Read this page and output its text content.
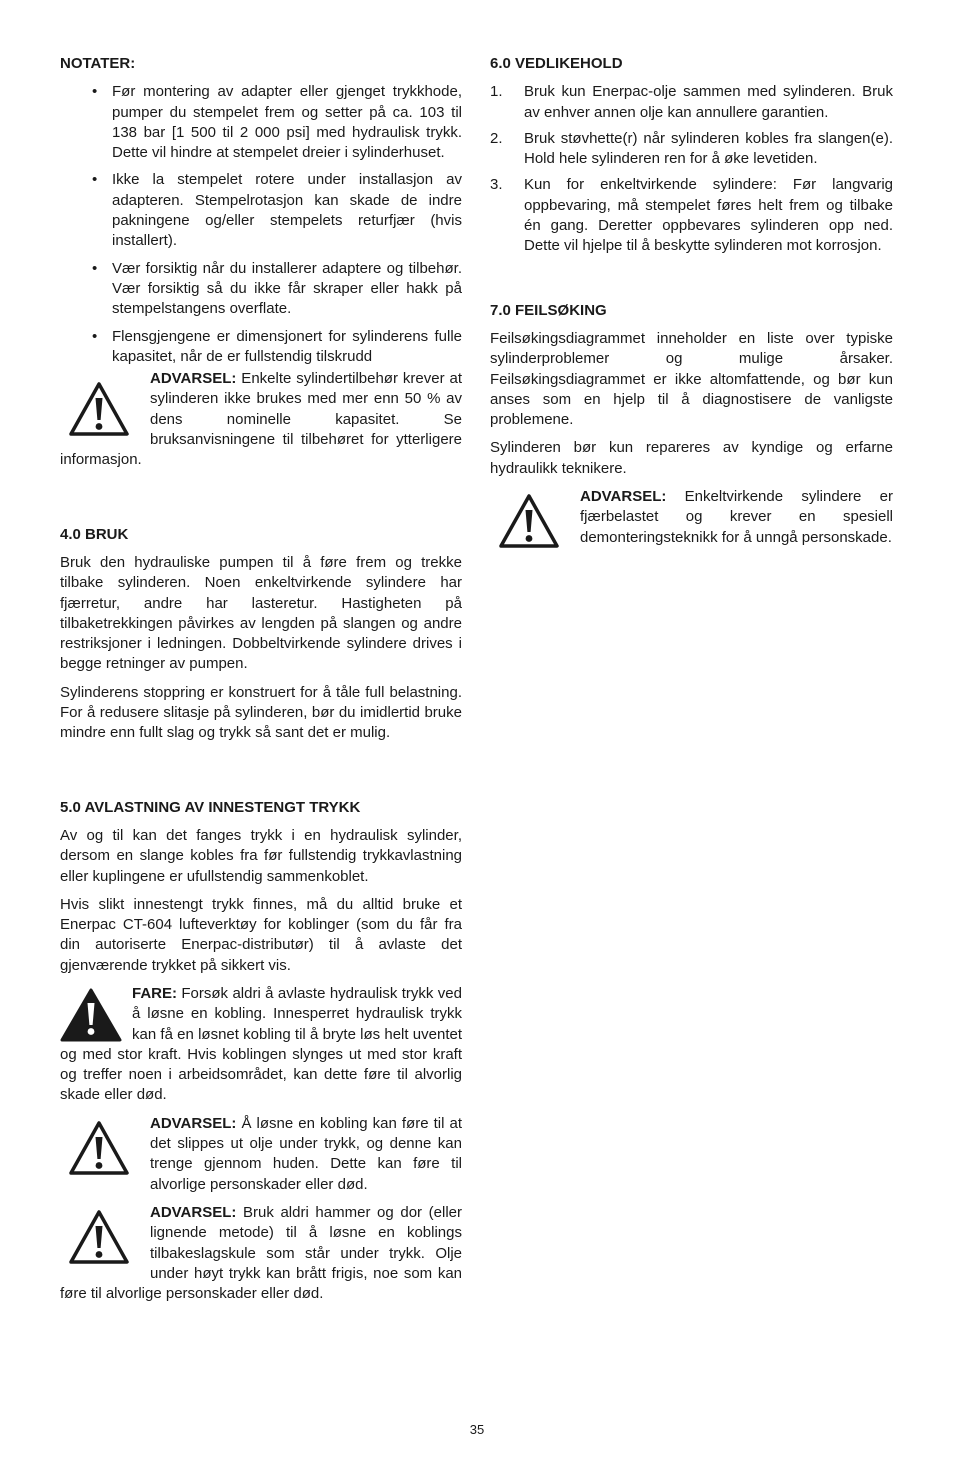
NOTATER:
• Før montering av adapter eller gjenget trykkhode, pumper du stempelet frem og setter på ca. 103 til 138 bar [1 500 til 2 000 psi] med hydraulisk trykk. Dette vil hindre at stempelet dreier i sylinderhuset.
• Ikke la stempelet rotere under installasjon av adapteren. Stempelrotasjon kan skade de indre pakningene og/eller stempelets returfjær (hvis installert).
• Vær forsiktig når du installerer adaptere og tilbehør. Vær forsiktig så du ikke får skraper eller hakk på stempelstangens overflate.
• Flensgjengene er dimensjonert for sylinderens fulle kapasitet, når de er fullstendig tilskrudd
ADVARSEL: Enkelte sylindertilbehør krever at sylinderen ikke brukes med mer enn 50 % av dens nominelle kapasitet. Se bruksanvisningene til tilbehøret for ytterligere informasjon.
4.0 BRUK

Bruk den hydrauliske pumpen til å føre frem og trekke tilbake sylinderen. Noen enkeltvirkende sylindere har fjærretur, andre har lasteretur. Hastigheten på tilbaketrekkingen påvirkes av lengden på slangen og andre restriksjoner i ledningen. Dobbeltvirkende sylindere drives i begge retninger av pumpen.

Sylinderens stoppring er konstruert for å tåle full belastning. For å redusere slitasje på sylinderen, bør du imidlertid bruke mindre enn fullt slag og trykk så sant det er mulig.

5.0 AVLASTNING AV INNESTENGT TRYKK

Av og til kan det fanges trykk i en hydraulisk sylinder, dersom en slange kobles fra før fullstendig trykkavlastning eller kuplingene er ufullstendig sammenkoblet.

Hvis slikt innestengt trykk finnes, må du alltid bruke et Enerpac CT-604 lufteverktøy for koblinger (som du får fra din autoriserte Enerpac-distributør) til å avlaste det gjenværende trykket på sikkert vis.

FARE: Forsøk aldri å avlaste hydraulisk trykk ved å løsne en kobling. Innesperret hydraulisk trykk kan få en løsnet kobling til å bryte løs helt uventet og med stor kraft. Hvis koblingen slynges ut med stor kraft og treffer noen i arbeidsområdet, kan dette føre til alvorlig skade eller død.
ADVARSEL: Å løsne en kobling kan føre til at det slippes ut olje under trykk, og denne kan trenge gjennom huden. Dette kan føre til alvorlige personskader eller død.
ADVARSEL: Bruk aldri hammer og dor (eller lignende metode) til å løsne en koblings tilbakeslagskule som står under trykk. Olje under høyt trykk kan brått frigis, noe som kan føre til alvorlige personskader eller død.
6.0 VEDLIKEHOLD
1. Bruk kun Enerpac-olje sammen med sylinderen. Bruk av enhver annen olje kan annullere garantien.
2. Bruk støvhette(r) når sylinderen kobles fra slangen(e). Hold hele sylinderen ren for å øke levetiden.
3. Kun for enkeltvirkende sylindere: Før langvarig oppbevaring, må stempelet føres helt frem og tilbake én gang. Deretter oppbevares sylinderen opp ned. Dette vil hjelpe til å beskytte sylinderen mot korrosjon.
7.0 FEILSØKING

Feilsøkingsdiagrammet inneholder en liste over typiske sylinderproblemer og mulige årsaker. Feilsøkingsdiagrammet er ikke altomfattende, og bør kun anses som en hjelp til å diagnostisere de vanligste problemene.

Sylinderen bør kun repareres av kyndige og erfarne hydraulikk teknikere.

ADVARSEL: Enkeltvirkende sylindere er fjærbelastet og krever en spesiell demonteringsteknikk for å unngå personskade.
35
